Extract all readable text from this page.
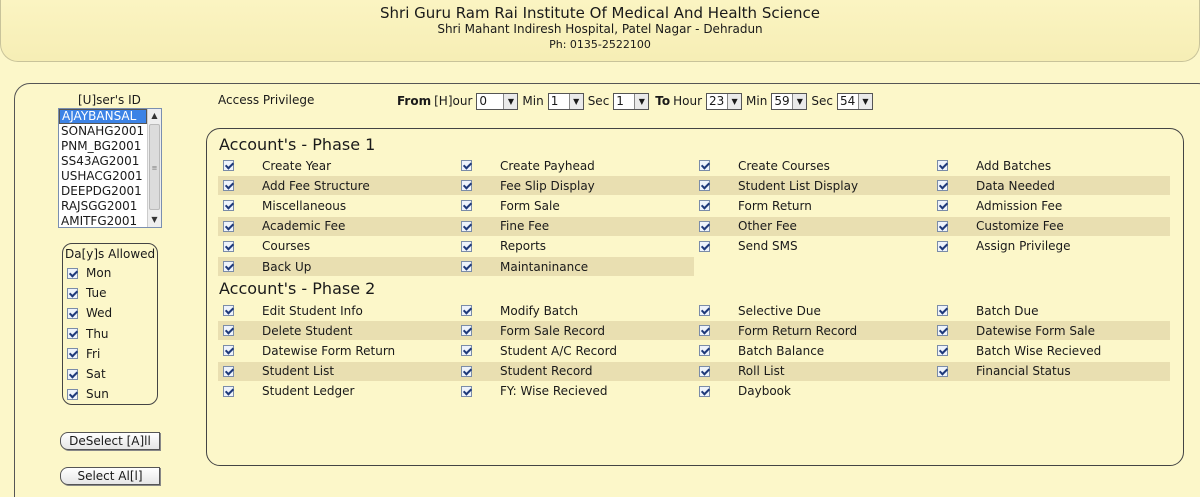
Shri Guru Ram Rai Institute Of Medical And Health Science
Shri Mahant Indiresh Hospital, Patel Nagar - Dehradun
Ph: 0135-2522100
[U]ser's ID
AJAYBANSAL
SONAHG2001
PNM_BG2001
SS43AG2001
USHACG2001
DEEPDG2001
RAJSGG2001
AMITFG2001
▲
≡
▼
Da[y]s Allowed
Mon
Tue
Wed
Thu
Fri
Sat
Sun
DeSelect [A]ll
Select Al[l]
Access Privilege	From [H]our 0	▼ Min 1	▼ Sec 1	▼ To Hour 23 ▼ Min 59 ▼ Sec 54 ▼
Account's - Phase 1
Create Year	Create Payhead	Create Courses	Add Batches
Add Fee Structure	Fee Slip Display	Student List Display	Data Needed
Miscellaneous	Form Sale	Form Return	Admission Fee
Academic Fee	Fine Fee	Other Fee	Customize Fee
Courses	Reports	Send SMS	Assign Privilege
Back Up	Maintaninance
Account's - Phase 2
Edit Student Info	Modify Batch	Selective Due	Batch Due
Delete Student	Form Sale Record	Form Return Record	Datewise Form Sale
Datewise Form Return	Student A/C Record	Batch Balance	Batch Wise Recieved
Student List	Student Record	Roll List	Financial Status
Student Ledger	FY: Wise Recieved	Daybook
